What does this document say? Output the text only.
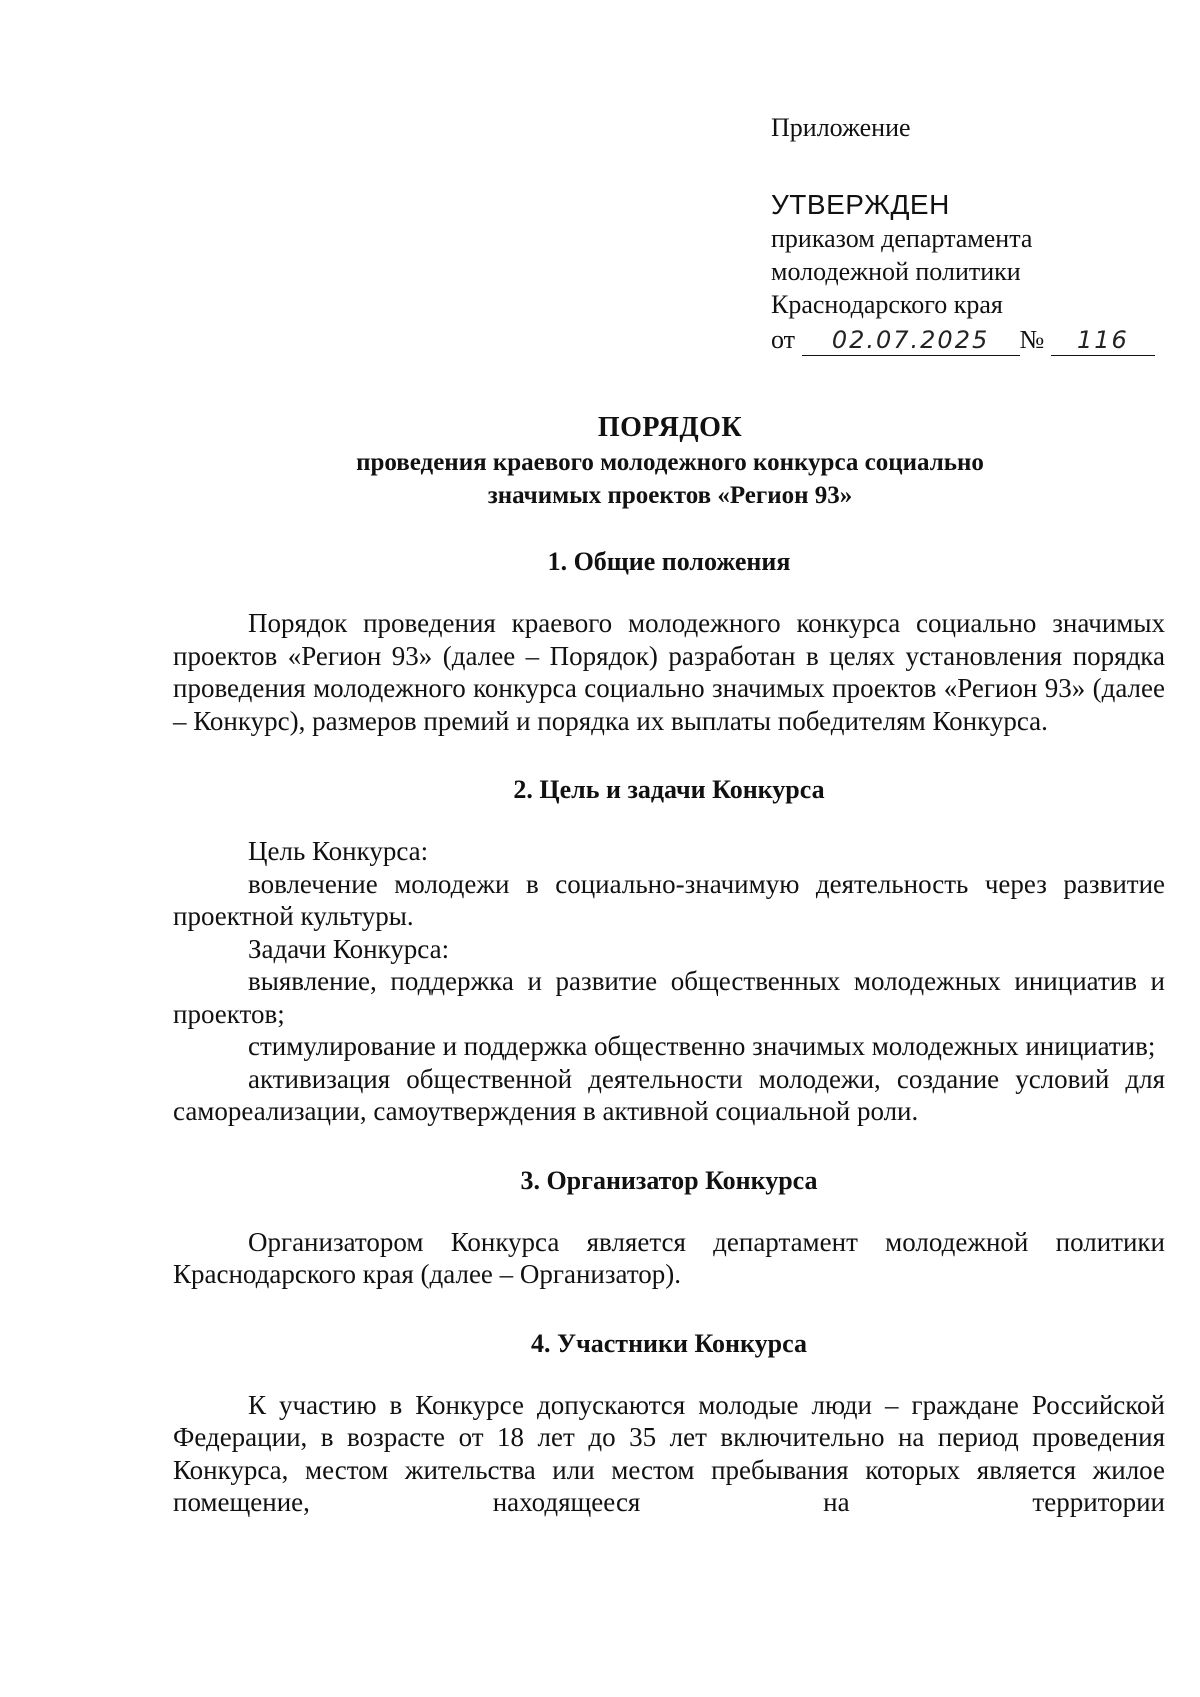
Приложение

УТВЕРЖДЕН

приказом департамента

молодежной политики

Краснодарского края

от 02.07.2025 № 116

ПОРЯДОК

проведения краевого молодежного конкурса социально

значимых проектов «Регион 93»

1. Общие положения

Порядок проведения краевого молодежного конкурса социально значимых проектов «Регион 93» (далее – Порядок) разработан в целях установления порядка проведения молодежного конкурса социально значимых проектов «Регион 93» (далее – Конкурс), размеров премий и порядка их выплаты победителям Конкурса.

2. Цель и задачи Конкурса

Цель Конкурса:

вовлечение молодежи в социально-значимую деятельность через развитие проектной культуры.

Задачи Конкурса:

выявление, поддержка и развитие общественных молодежных инициатив и проектов;

стимулирование и поддержка общественно значимых молодежных инициатив;

активизация общественной деятельности молодежи, создание условий для самореализации, самоутверждения в активной социальной роли.

3. Организатор Конкурса

Организатором Конкурса является департамент молодежной политики Краснодарского края (далее – Организатор).

4. Участники Конкурса

К участию в Конкурсе допускаются молодые люди – граждане Российской Федерации, в возрасте от 18 лет до 35 лет включительно на период проведения Конкурса, местом жительства или местом пребывания которых является жилое помещение, находящееся на территории
